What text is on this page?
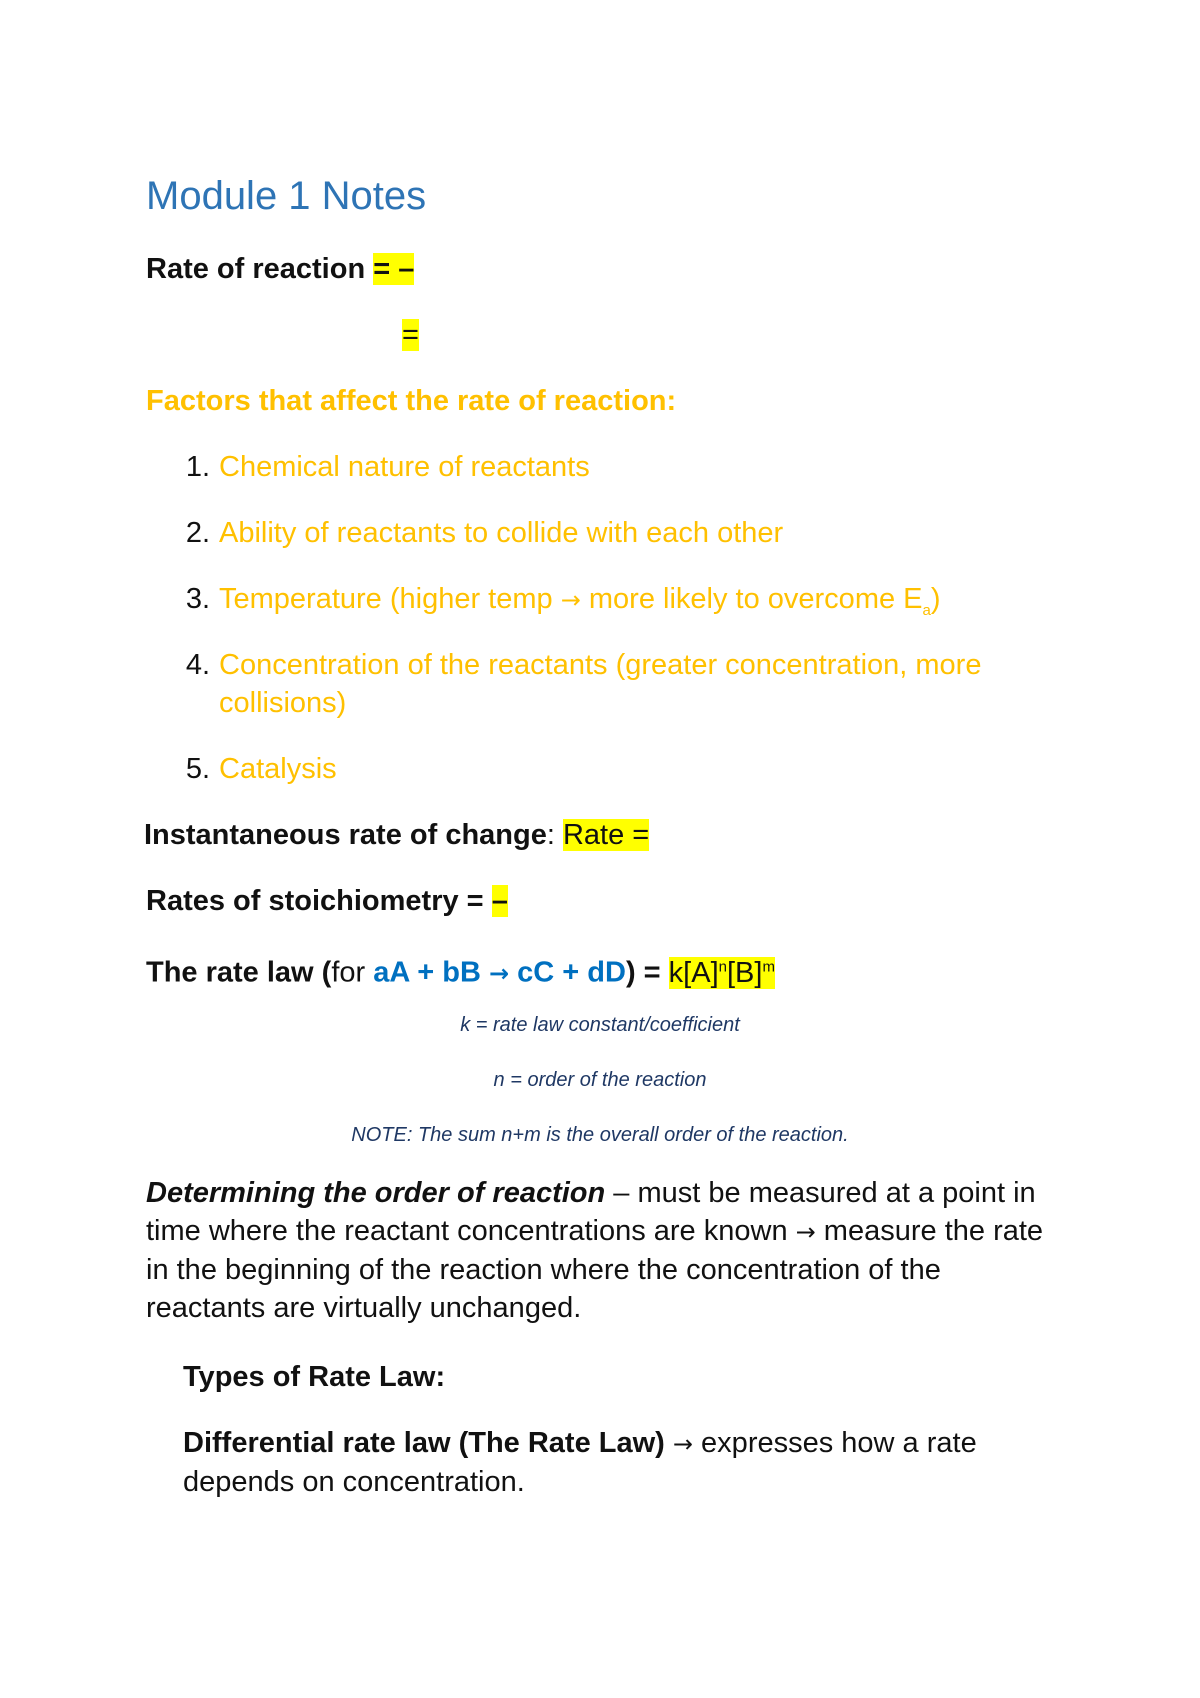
Module 1 Notes

Rate of reaction = –

=

Factors that affect the rate of reaction:

1. Chemical nature of reactants
2. Ability of reactants to collide with each other
3. Temperature (higher temp → more likely to overcome $E_a$)
4. Concentration of the reactants (greater concentration, more collisions)
5. Catalysis

Instantaneous rate of change: Rate =

Rates of stoichiometry = –

The rate law (for aA + bB → cC + $dD) = k[A]^n[B]^m$

k = rate law constant/coefficient

n = order of the reaction

NOTE: The sum n+m is the overall order of the reaction.

Determining the order of reaction – must be measured at a point in time where the reactant concentrations are known → measure the rate in the beginning of the reaction where the concentration of the reactants are virtually unchanged.

Types of Rate Law:

Differential rate law (The Rate Law) → expresses how a rate depends on concentration.
